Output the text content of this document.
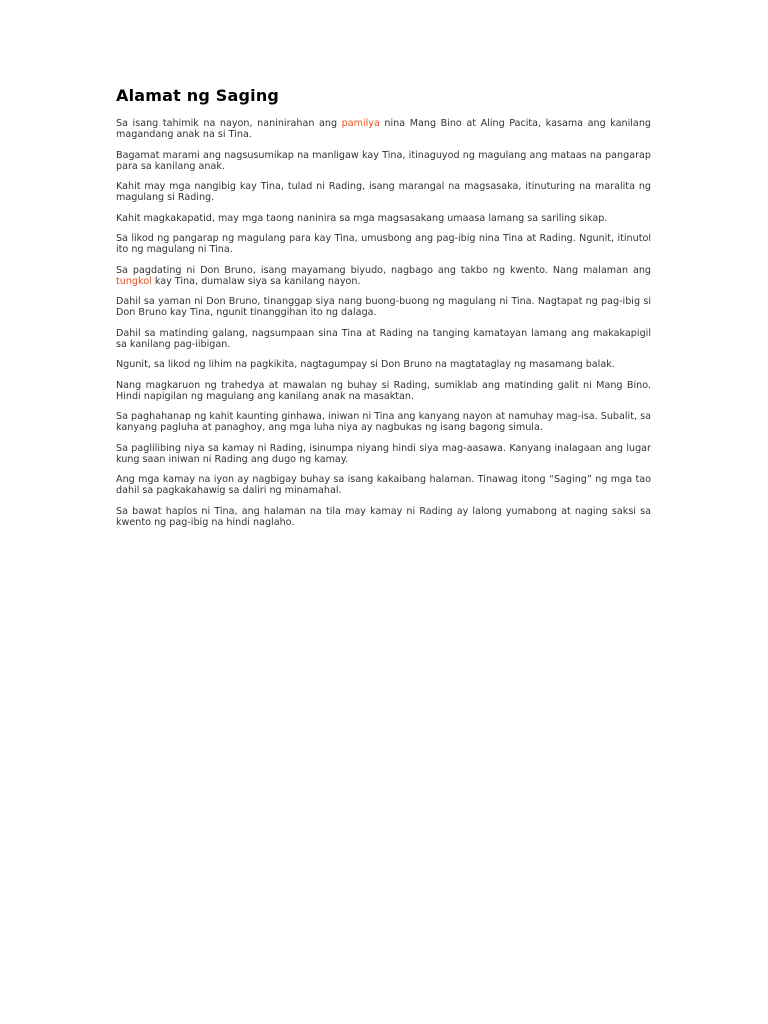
Alamat ng Saging

Sa isang tahimik na nayon, naninirahan ang pamilya nina Mang Bino at Aling Pacita, kasama ang kanilang magandang anak na si Tina.

Bagamat marami ang nagsusumikap na manligaw kay Tina, itinaguyod ng magulang ang mataas na pangarap para sa kanilang anak.

Kahit may mga nangibig kay Tina, tulad ni Rading, isang marangal na magsasaka, itinuturing na maralita ng magulang si Rading.

Kahit magkakapatid, may mga taong naninira sa mga magsasakang umaasa lamang sa sariling sikap.

Sa likod ng pangarap ng magulang para kay Tina, umusbong ang pag-ibig nina Tina at Rading. Ngunit, itinutol ito ng magulang ni Tina.

Sa pagdating ni Don Bruno, isang mayamang biyudo, nagbago ang takbo ng kwento. Nang malaman ang tungkol kay Tina, dumalaw siya sa kanilang nayon.

Dahil sa yaman ni Don Bruno, tinanggap siya nang buong-buong ng magulang ni Tina. Nagtapat ng pag-ibig si Don Bruno kay Tina, ngunit tinanggihan ito ng dalaga.

Dahil sa matinding galang, nagsumpaan sina Tina at Rading na tanging kamatayan lamang ang makakapigil sa kanilang pag-iibigan.

Ngunit, sa likod ng lihim na pagkikita, nagtagumpay si Don Bruno na magtataglay ng masamang balak.

Nang magkaruon ng trahedya at mawalan ng buhay si Rading, sumiklab ang matinding galit ni Mang Bino. Hindi napigilan ng magulang ang kanilang anak na masaktan.

Sa paghahanap ng kahit kaunting ginhawa, iniwan ni Tina ang kanyang nayon at namuhay mag-isa. Subalit, sa kanyang pagluha at panaghoy, ang mga luha niya ay nagbukas ng isang bagong simula.

Sa paglilibing niya sa kamay ni Rading, isinumpa niyang hindi siya mag-aasawa. Kanyang inalagaan ang lugar kung saan iniwan ni Rading ang dugo ng kamay.

Ang mga kamay na iyon ay nagbigay buhay sa isang kakaibang halaman. Tinawag itong “Saging” ng mga tao dahil sa pagkakahawig sa daliri ng minamahal.

Sa bawat haplos ni Tina, ang halaman na tila may kamay ni Rading ay lalong yumabong at naging saksi sa kwento ng pag-ibig na hindi naglaho.
